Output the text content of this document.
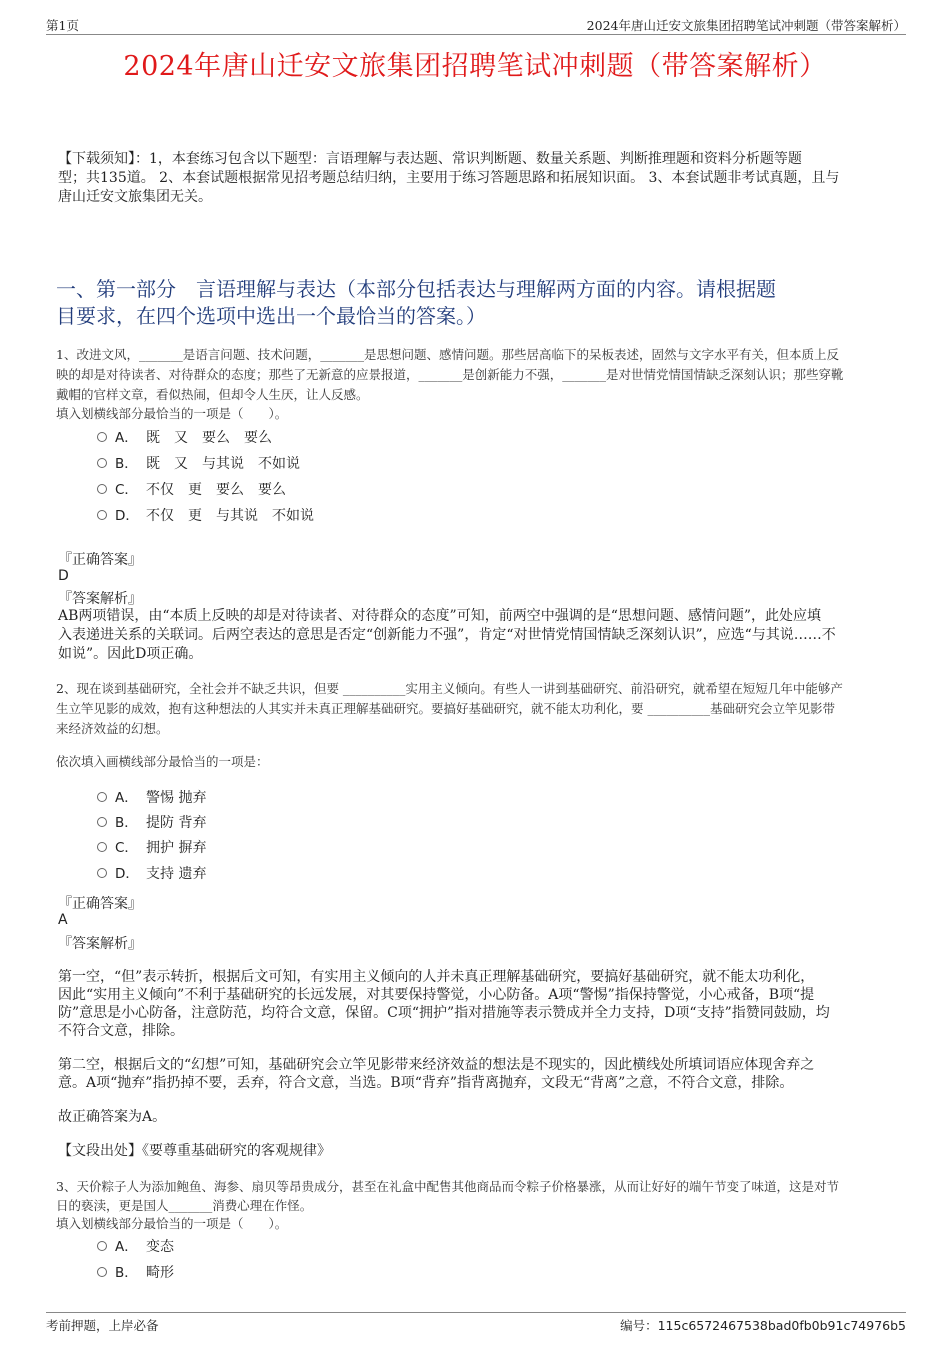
第1页	2024年唐山迁安文旅集团招聘笔试冲刺题（带答案解析）
2024年唐山迁安文旅集团招聘笔试冲刺题（带答案解析）
【下载须知】：1，本套练习包含以下题型：言语理解与表达题、常识判断题、数量关系题、判断推理题和资料分析题等题
型；共135道。 2、本套试题根据常见招考题总结归纳，主要用于练习答题思路和拓展知识面。 3、本套试题非考试真题，且与
唐山迁安文旅集团无关。
一、第一部分　言语理解与表达（本部分包括表达与理解两方面的内容。请根据题
目要求，在四个选项中选出一个最恰当的答案。）
1、改进文风，_______是语言问题、技术问题，_______是思想问题、感情问题。那些居高临下的呆板表述，固然与文字水平有关，但本质上反
映的却是对待读者、对待群众的态度；那些了无新意的应景报道，_______是创新能力不强，_______是对世情党情国情缺乏深刻认识；那些穿靴
戴帽的官样文章，看似热闹，但却令人生厌，让人反感。
填入划横线部分最恰当的一项是（　　）。
A． 既　又　要么　要么
B． 既　又　与其说　不如说
C． 不仅　更　要么　要么
D． 不仅　更　与其说　不如说
『正确答案』
D
『答案解析』
AB两项错误，由“本质上反映的却是对待读者、对待群众的态度”可知，前两空中强调的是“思想问题、感情问题”，此处应填
入表递进关系的关联词。后两空表达的意思是否定“创新能力不强”，肯定“对世情党情国情缺乏深刻认识”，应选“与其说……不
如说”。因此D项正确。
2、现在谈到基础研究，全社会并不缺乏共识，但要 __________实用主义倾向。有些人一讲到基础研究、前沿研究，就希望在短短几年中能够产
生立竿见影的成效，抱有这种想法的人其实并未真正理解基础研究。要搞好基础研究，就不能太功利化，要 __________基础研究会立竿见影带
来经济效益的幻想。
依次填入画横线部分最恰当的一项是：
A． 警惕 抛弃
B． 提防 背弃
C． 拥护 摒弃
D． 支持 遗弃
『正确答案』
A
『答案解析』
第一空，“但”表示转折，根据后文可知，有实用主义倾向的人并未真正理解基础研究，要搞好基础研究，就不能太功利化，
因此“实用主义倾向”不利于基础研究的长远发展，对其要保持警觉，小心防备。A项“警惕”指保持警觉，小心戒备，B项“提
防”意思是小心防备，注意防范，均符合文意，保留。C项“拥护”指对措施等表示赞成并全力支持，D项“支持”指赞同鼓励，均
不符合文意，排除。
第二空，根据后文的“幻想”可知，基础研究会立竿见影带来经济效益的想法是不现实的，因此横线处所填词语应体现舍弃之
意。A项“抛弃”指扔掉不要，丢弃，符合文意，当选。B项“背弃”指背离抛弃，文段无“背离”之意，不符合文意，排除。
故正确答案为A。
【文段出处】《要尊重基础研究的客观规律》
3、天价粽子人为添加鲍鱼、海参、扇贝等昂贵成分，甚至在礼盒中配售其他商品而令粽子价格暴涨，从而让好好的端午节变了味道，这是对节
日的亵渎，更是国人_______消费心理在作怪。
填入划横线部分最恰当的一项是（　　）。
A． 变态
B． 畸形
考前押题，上岸必备	编号：115c6572467538bad0fb0b91c74976b5
